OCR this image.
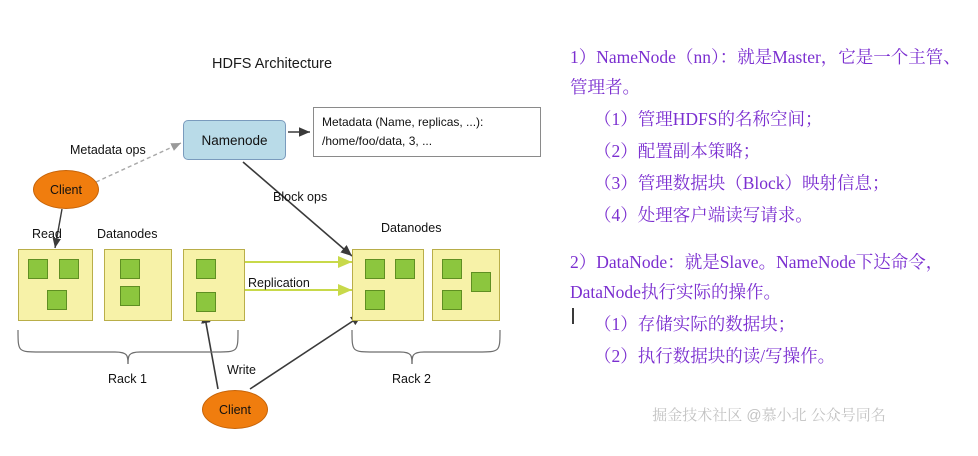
HDFS Architecture
Namenode
Metadata (Name, replicas, ...):
/home/foo/data, 3, ...
Client
Client
Metadata ops
Block ops
Read
Write
Replication
Datanodes	Datanodes
Rack 1	Rack 2

1）NameNode（nn）：就是Master，它是一个主管、管理者。

（1）管理HDFS的名称空间；

（2）配置副本策略；

（3）管理数据块（Block）映射信息；

（4）处理客户端读写请求。

2）DataNode：就是Slave。NameNode下达命令，DataNode执行实际的操作。

（1）存储实际的数据块；

（2）执行数据块的读/写操作。

掘金技术社区 @慕小北 公众号同名
